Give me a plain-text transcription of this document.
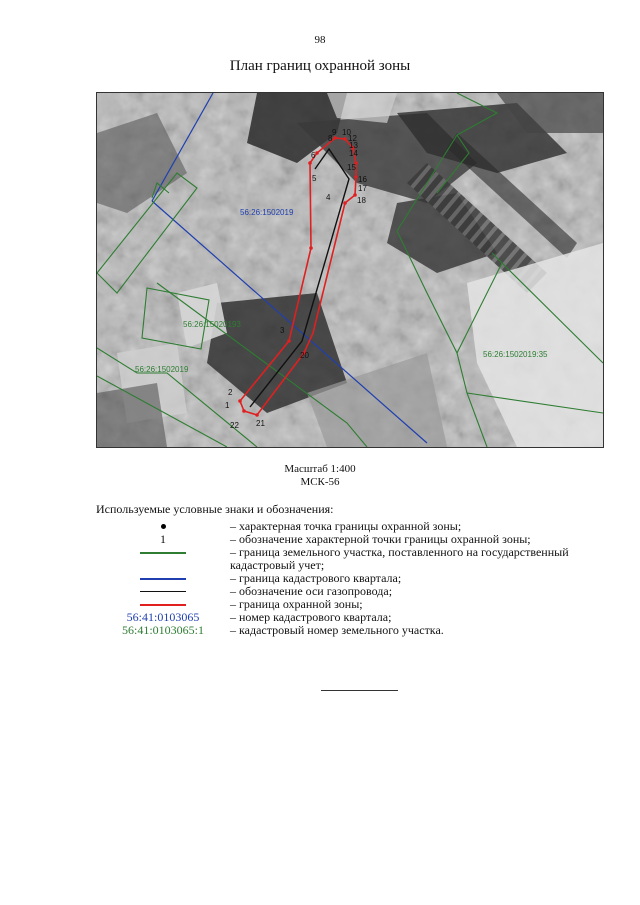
98
План границ охранной зоны
1
2
3
4
5
6
8
9 10
12
13
14
15
16
17
18
20
21
22
56:26:1502019
56:26:15020193
56:26:1502019:35
56:26:1502019
Масштаб 1:400
МСК-56
Используемые условные знаки и обозначения:
– характерная точка границы охранной зоны;
1	– обозначение характерной точки границы охранной зоны;
– граница земельного участка, поставленного на государственный кадастровый учет;
– граница кадастрового квартала;
– обозначение оси газопровода;
– граница охранной зоны;
56:41:0103065	– номер кадастрового квартала;
56:41:0103065:1	– кадастровый номер земельного участка.
